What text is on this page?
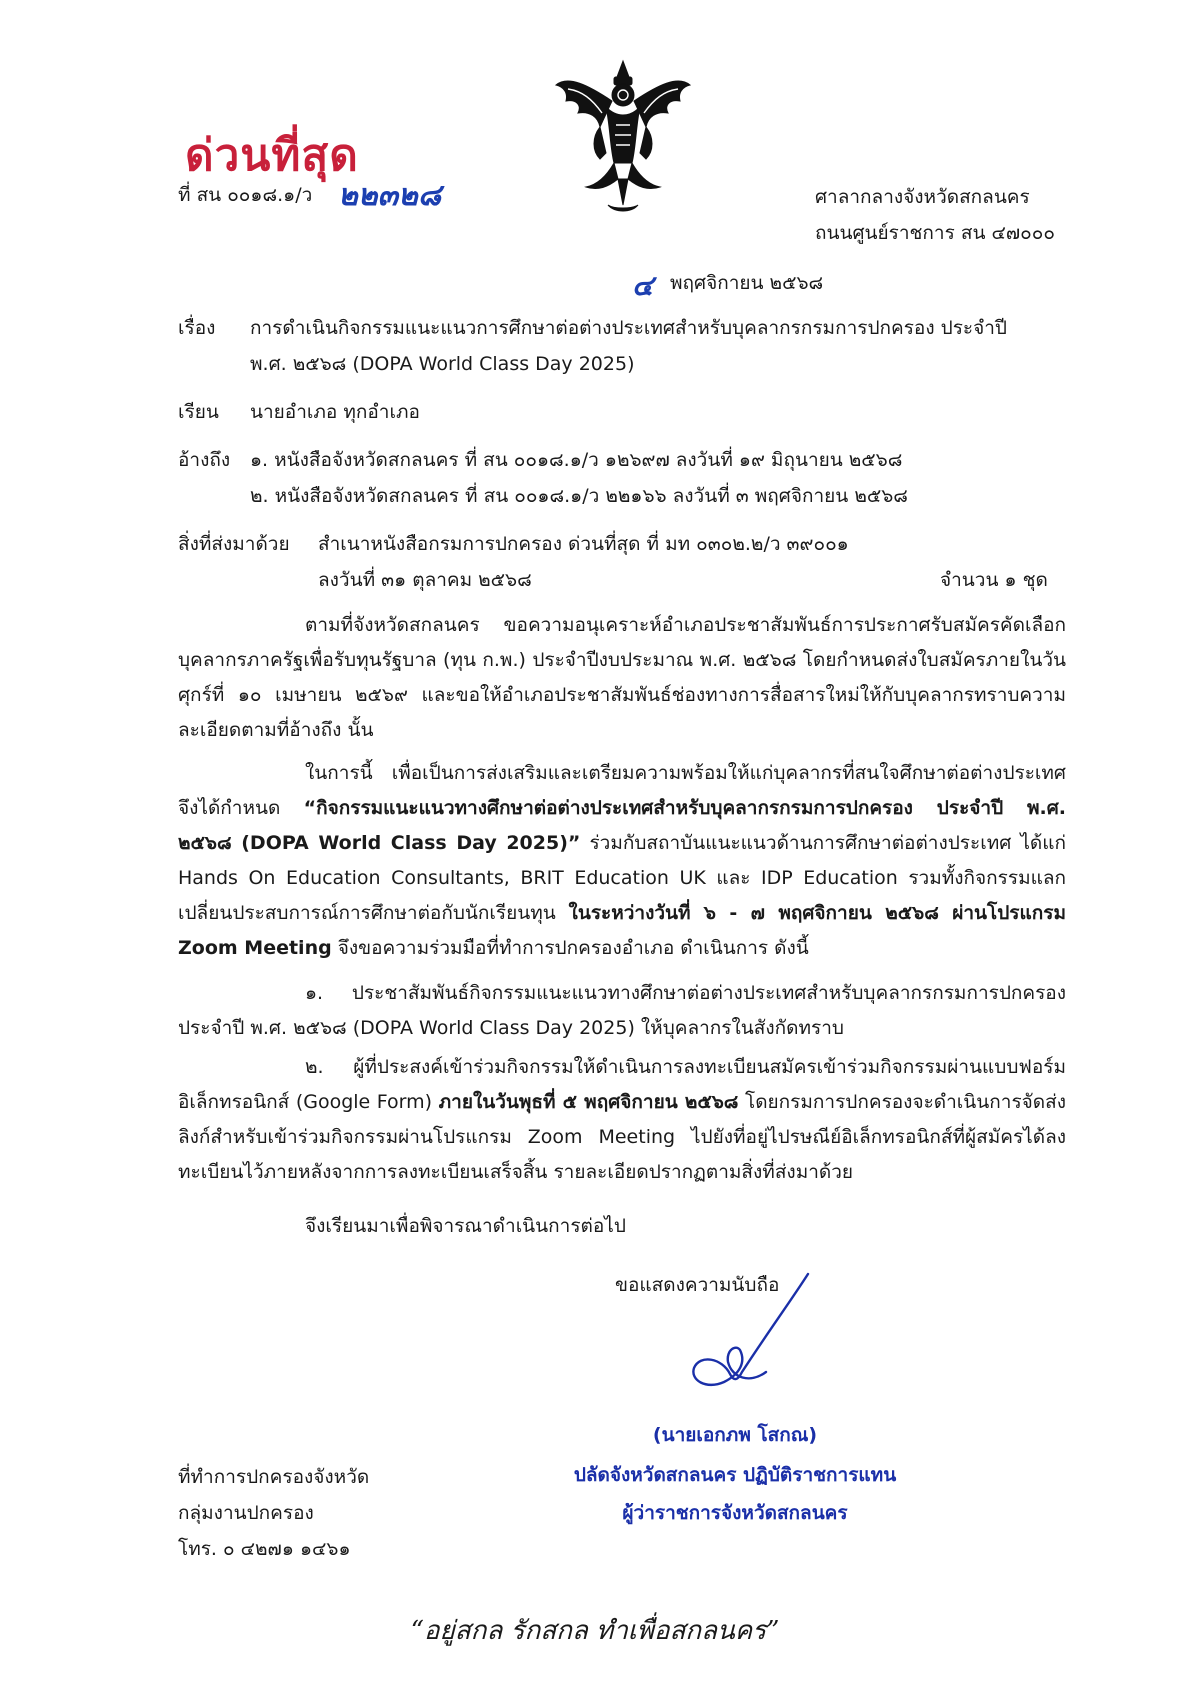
ด่วนที่สุด
ที่ สน ๐๐๑๘.๑/ว ๒๒๓๒๘	ศาลากลางจังหวัดสกลนคร
ถนนศูนย์ราชการ สน ๔๗๐๐๐
๔ พฤศจิกายน ๒๕๖๘
เรื่อง การดำเนินกิจกรรมแนะแนวการศึกษาต่อต่างประเทศสำหรับบุคลากรกรมการปกครอง ประจำปี
พ.ศ. ๒๕๖๘ (DOPA World Class Day 2025)
เรียน นายอำเภอ ทุกอำเภอ
อ้างถึง ๑. หนังสือจังหวัดสกลนคร ที่ สน ๐๐๑๘.๑/ว ๑๒๖๙๗ ลงวันที่ ๑๙ มิถุนายน ๒๕๖๘
๒. หนังสือจังหวัดสกลนคร ที่ สน ๐๐๑๘.๑/ว ๒๒๑๖๖ ลงวันที่ ๓ พฤศจิกายน ๒๕๖๘
สิ่งที่ส่งมาด้วย สำเนาหนังสือกรมการปกครอง ด่วนที่สุด ที่ มท ๐๓๐๒.๒/ว ๓๙๐๐๑
ลงวันที่ ๓๑ ตุลาคม ๒๕๖๘	จำนวน ๑ ชุด
ตามที่จังหวัดสกลนคร ขอความอนุเคราะห์อำเภอประชาสัมพันธ์การประกาศรับสมัครคัดเลือกบุคลากรภาครัฐเพื่อรับทุนรัฐบาล (ทุน ก.พ.) ประจำปีงบประมาณ พ.ศ. ๒๕๖๘ โดยกำหนดส่งใบสมัครภายในวันศุกร์ที่ ๑๐ เมษายน ๒๕๖๙ และขอให้อำเภอประชาสัมพันธ์ช่องทางการสื่อสารใหม่ให้กับบุคลากรทราบความละเอียดตามที่อ้างถึง นั้น
ในการนี้ เพื่อเป็นการส่งเสริมและเตรียมความพร้อมให้แก่บุคลากรที่สนใจศึกษาต่อต่างประเทศจึงได้กำหนด “กิจกรรมแนะแนวทางศึกษาต่อต่างประเทศสำหรับบุคลากรกรมการปกครอง ประจำปี พ.ศ. ๒๕๖๘ (DOPA World Class Day 2025)” ร่วมกับสถาบันแนะแนวด้านการศึกษาต่อต่างประเทศ ได้แก่ Hands On Education Consultants, BRIT Education UK และ IDP Education รวมทั้งกิจกรรมแลกเปลี่ยนประสบการณ์การศึกษาต่อกับนักเรียนทุน ในระหว่างวันที่ ๖ - ๗ พฤศจิกายน ๒๕๖๘ ผ่านโปรแกรม Zoom Meeting จึงขอความร่วมมือที่ทำการปกครองอำเภอ ดำเนินการ ดังนี้
๑. ประชาสัมพันธ์กิจกรรมแนะแนวทางศึกษาต่อต่างประเทศสำหรับบุคลากรกรมการปกครองประจำปี พ.ศ. ๒๕๖๘ (DOPA World Class Day 2025) ให้บุคลากรในสังกัดทราบ
๒. ผู้ที่ประสงค์เข้าร่วมกิจกรรมให้ดำเนินการลงทะเบียนสมัครเข้าร่วมกิจกรรมผ่านแบบฟอร์มอิเล็กทรอนิกส์ (Google Form) ภายในวันพุธที่ ๕ พฤศจิกายน ๒๕๖๘ โดยกรมการปกครองจะดำเนินการจัดส่งลิงก์สำหรับเข้าร่วมกิจกรรมผ่านโปรแกรม Zoom Meeting ไปยังที่อยู่ไปรษณีย์อิเล็กทรอนิกส์ที่ผู้สมัครได้ลงทะเบียนไว้ภายหลังจากการลงทะเบียนเสร็จสิ้น รายละเอียดปรากฏตามสิ่งที่ส่งมาด้วย
จึงเรียนมาเพื่อพิจารณาดำเนินการต่อไป
ขอแสดงความนับถือ
(นายเอกภพ โสกณ)
ปลัดจังหวัดสกลนคร ปฏิบัติราชการแทน
ผู้ว่าราชการจังหวัดสกลนคร
ที่ทำการปกครองจังหวัด
กลุ่มงานปกครอง
โทร. ๐ ๔๒๗๑ ๑๔๖๑
“อยู่สกล รักสกล ทำเพื่อสกลนคร”
